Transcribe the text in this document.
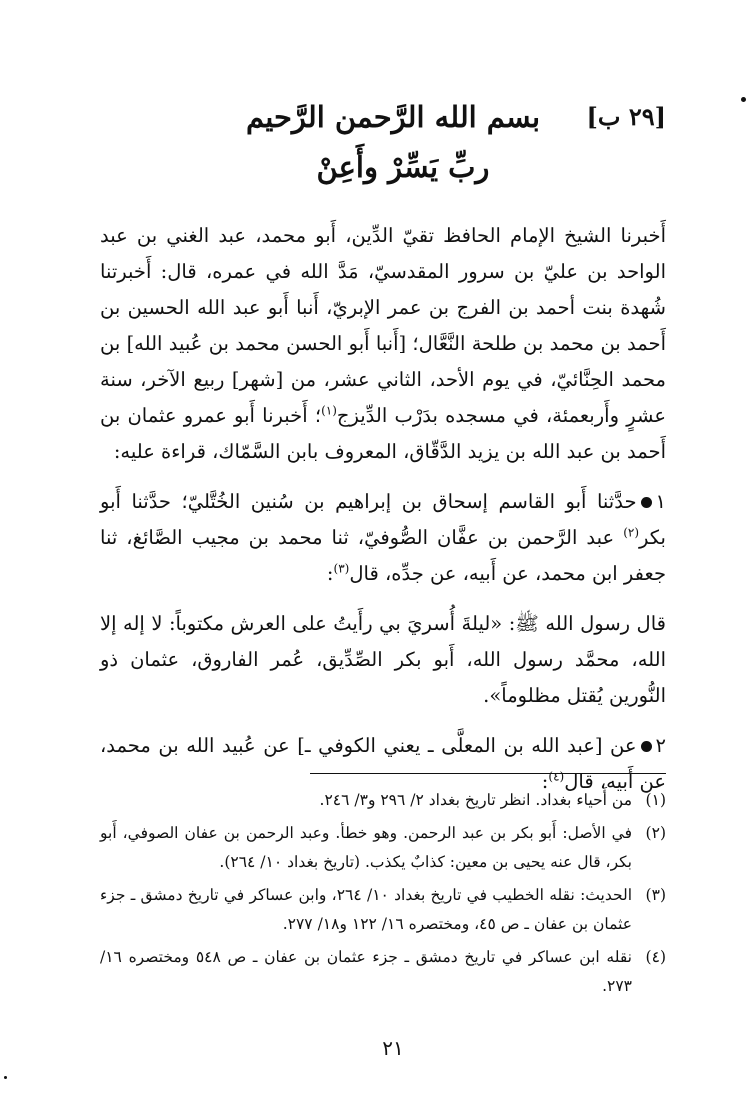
[٢٩ ب]
بسم الله الرَّحمن الرَّحيم
ربِّ يَسِّرْ وأَعِنْ

أَخبرنا الشيخ الإمام الحافظ تقيّ الدِّين، أَبو محمد، عبد الغني بن عبد الواحد بن عليّ بن سرور المقدسيّ، مَدَّ الله في عمره، قال: أَخبرتنا شُهدة بنت أحمد بن الفرج بن عمر الإبريّ، أَنبا أَبو عبد الله الحسين بن أَحمد بن محمد بن طلحة النَّعَّال؛ [أَنبا أَبو الحسن محمد بن عُبيد الله] بن محمد الحِنَّائيّ، في يوم الأحد، الثاني عشر، من [شهر] ربيع الآخر، سنة عشرٍ وأَربعمئة، في مسجده بدَرْب الدِّيزج$^{(١)}$؛ أَخبرنا أَبو عمرو عثمان بن أَحمد بن عبد الله بن يزيد الدَّقّاق، المعروف بابن السَّمّاك، قراءة عليه:

١حدَّثنا أَبو القاسم إسحاق بن إبراهيم بن سُنين الخُتَّليّ؛ حدَّثنا أَبو بكر$^{(٢)}$ عبد الرَّحمن بن عفَّان الصُّوفيّ، ثنا محمد بن مجيب الصَّائغ، ثنا جعفر ابن محمد، عن أَبيه، عن جدِّه، قال$^{(٣)}$:

قال رسول الله ﷺ: «ليلةَ أُسريَ بي رأَيتُ على العرش مكتوباً: لا إله إلا الله، محمَّد رسول الله، أَبو بكر الصِّدِّيق، عُمر الفاروق، عثمان ذو النُّورين يُقتل مظلوماً».

٢عن [عبد الله بن المعلَّى ـ يعني الكوفي ـ] عن عُبيد الله بن محمد، عن أَبيه، قال$^{(٤)}$:

(١)
من أَحياء بغداد. انظر تاريخ بغداد ٢/ ٢٩٦ و٣/ ٢٤٦.

(٢)
في الأصل: أَبو بكر بن عبد الرحمن. وهو خطأ. وعبد الرحمن بن عفان الصوفي، أَبو بكر، قال عنه يحيى بن معين: كذابٌ يكذب. (تاريخ بغداد ١٠/ ٢٦٤).

(٣)
الحديث: نقله الخطيب في تاريخ بغداد ١٠/ ٢٦٤، وابن عساكر في تاريخ دمشق ـ جزء عثمان بن عفان ـ ص ٤٥، ومختصره ١٦/ ١٢٢ و١٨/ ٢٧٧.

(٤)
نقله ابن عساكر في تاريخ دمشق ـ جزء عثمان بن عفان ـ ص ٥٤٨ ومختصره ١٦/ ٢٧٣.

٢١
